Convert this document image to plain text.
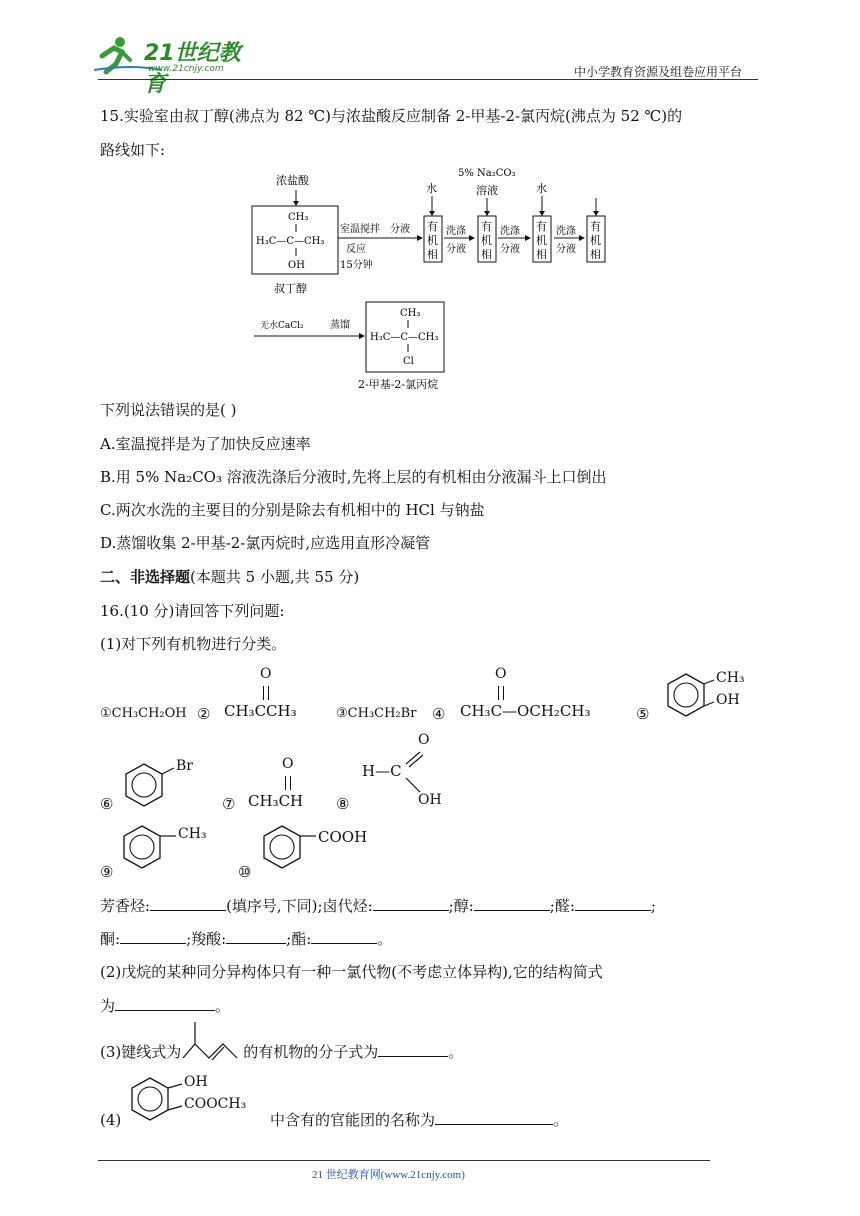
21世纪教育
www.21cnjy.com	中小学教育资源及组卷应用平台
15.实验室由叔丁醇(沸点为 82 ℃)与浓盐酸反应制备 2-甲基-2-氯丙烷(沸点为 52 ℃)的
路线如下:
浓盐酸
CH₃
H₃C—C—CH₃
OH
叔丁醇
室温搅拌
反应
15分钟
分液
水
有
机
相
洗涤
分液
5% Na₂CO₃
溶液
有
机
相
洗涤
分液
水
有
机
相
洗涤
分液
有
机
相
无水CaCl₂	蒸馏
CH₃
H₃C—C—CH₃
Cl
2-甲基-2-氯丙烷
下列说法错误的是( )
A.室温搅拌是为了加快反应速率
B.用 5% Na₂CO₃ 溶液洗涤后分液时,先将上层的有机相由分液漏斗上口倒出
C.两次水洗的主要目的分别是除去有机相中的 HCl 与钠盐
D.蒸馏收集 2-甲基-2-氯丙烷时,应选用直形冷凝管
二、非选择题(本题共 5 小题,共 55 分)
16.(10 分)请回答下列问题:
(1)对下列有机物进行分类。
①CH₃CH₂OH ②
O
CH₃CCH₃	③CH₃CH₂Br ④
O
CH₃C—OCH₂CH₃	⑤
CH₃
OH
⑥
Br
⑦
O
CH₃CH ⑧
O
H—C
OH
⑨
CH₃
⑩
COOH
芳香烃:	(填序号,下同);卤代烃:	;醇:	;醛:	;
酮:	;羧酸:	;酯:	。
(2)戊烷的某种同分异构体只有一种一氯代物(不考虑立体异构),它的结构简式
为	。
(3)键线式为	的有机物的分子式为	。
(4)
OH
COOCH₃
中含有的官能团的名称为	。
21 世纪教育网(www.21cnjy.com)
